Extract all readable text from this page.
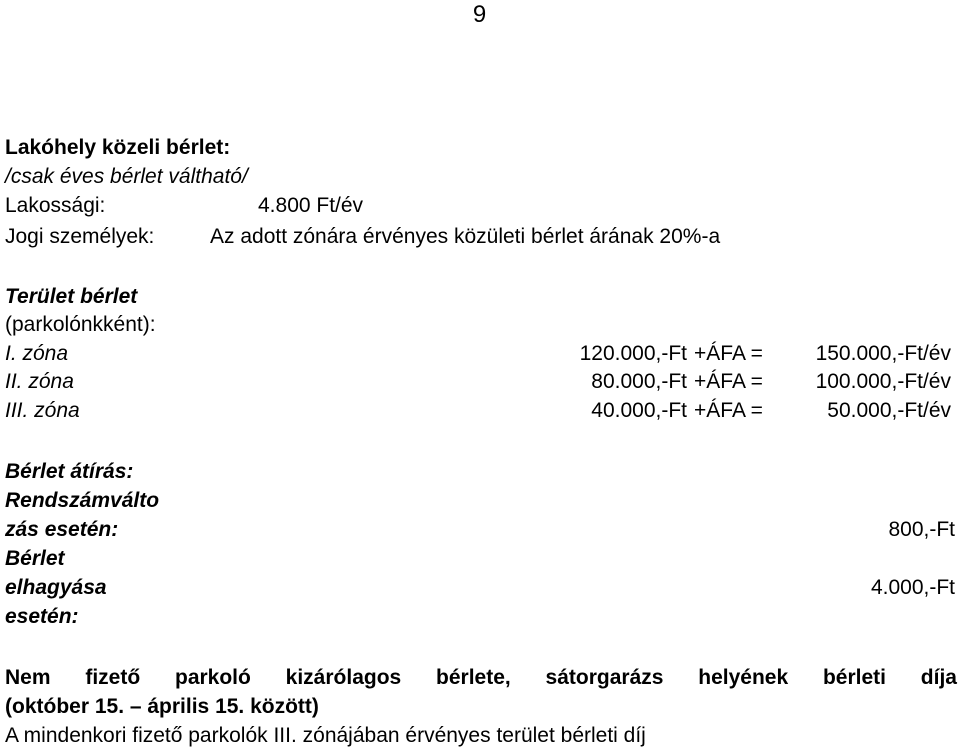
9
Lakóhely közeli bérlet:
/csak éves bérlet váltható/
Lakossági:	4.800 Ft/év
Jogi személyek:	Az adott zónára érvényes közületi bérlet árának 20%-a
Terület bérlet
(parkolónkként):
I. zóna	120.000,-Ft +ÁFA =	150.000,-Ft/év
II. zóna	80.000,-Ft +ÁFA =	100.000,-Ft/év
III. zóna	40.000,-Ft +ÁFA =	50.000,-Ft/év
Bérlet átírás:
Rendszámválto
zás esetén:	800,-Ft
Bérlet
elhagyása	4.000,-Ft
esetén:
Nem fizető parkoló kizárólagos bérlete, sátorgarázs helyének bérleti díja
(október 15. – április 15. között)
A mindenkori fizető parkolók III. zónájában érvényes terület bérleti díj
